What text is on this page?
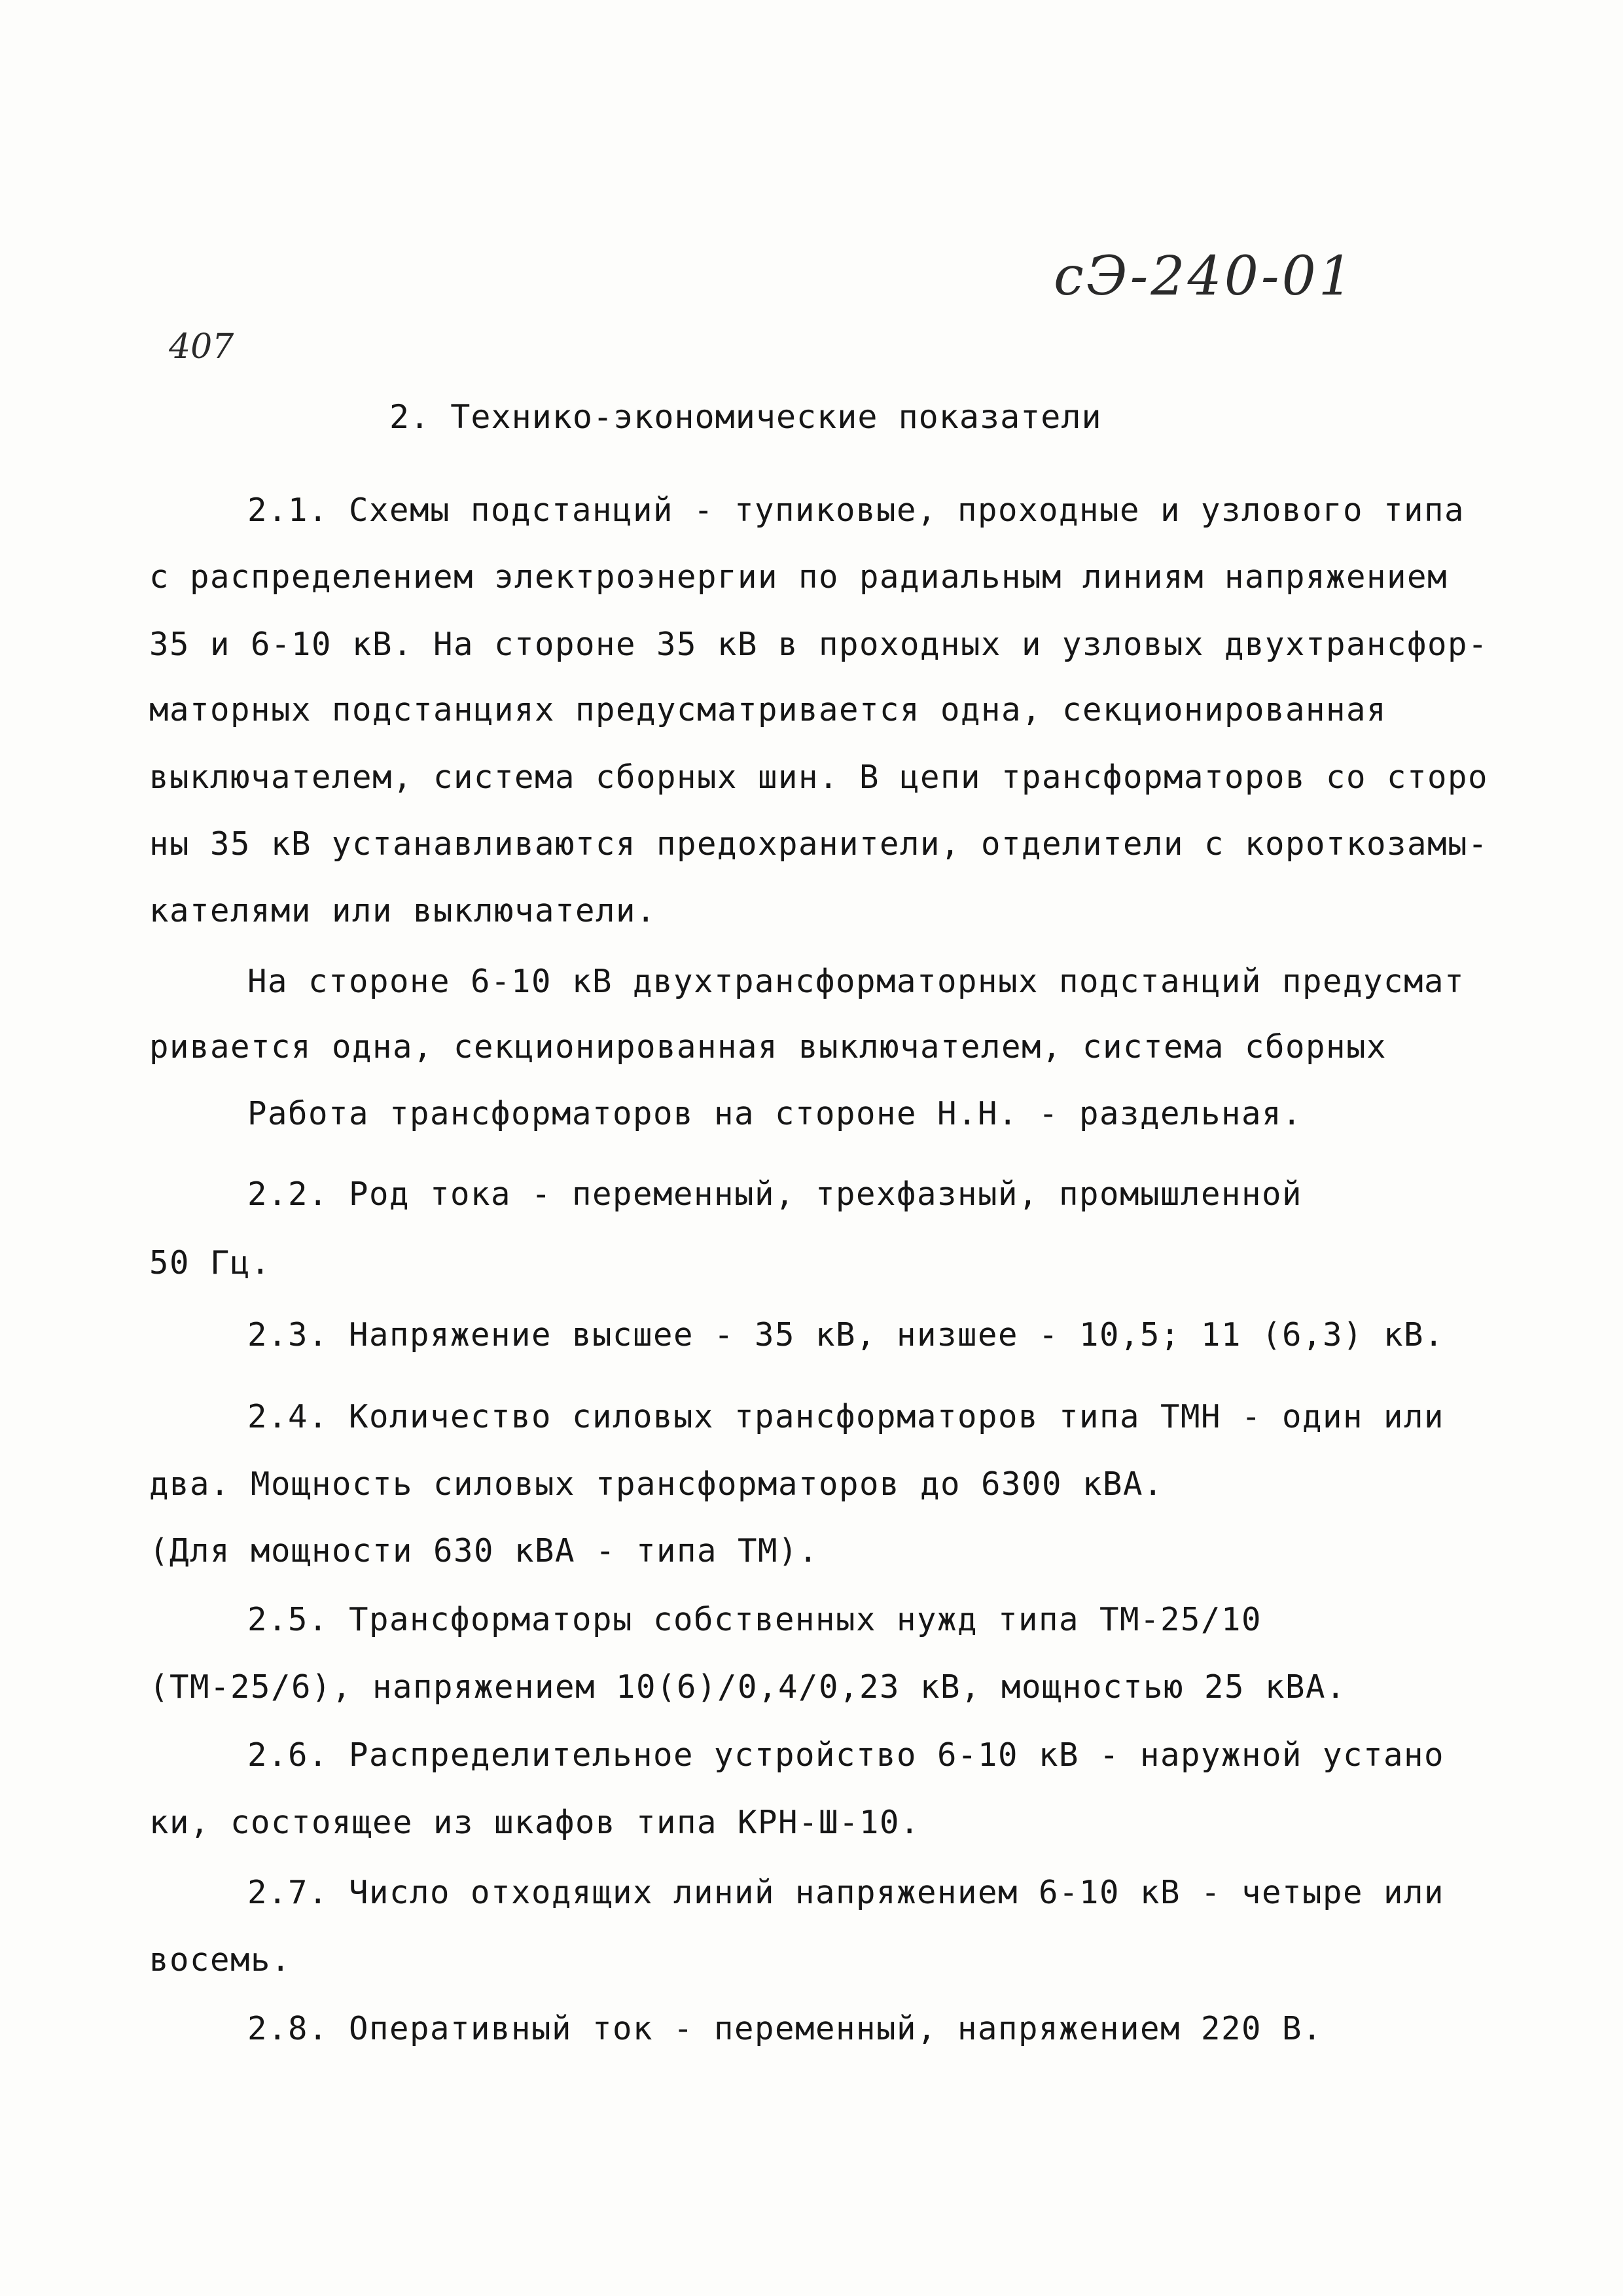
сЭ-240-01
407
2. Технико-экономические показатели
2.1. Схемы подстанций - тупиковые, проходные и узлового типа
с распределением электроэнергии по радиальным линиям напряжением
35 и 6-10 кВ. На стороне 35 кВ в проходных и узловых двухтрансфор-
маторных подстанциях предусматривается одна, секционированная
выключателем, система сборных шин. В цепи трансформаторов со сторо
ны 35 кВ устанавливаются предохранители, отделители с короткозамы-
кателями или выключатели.
На стороне 6-10 кВ двухтрансформаторных подстанций предусмат
ривается одна, секционированная выключателем, система сборных
Работа трансформаторов на стороне Н.Н. - раздельная.
2.2. Род тока - переменный, трехфазный, промышленной
50 Гц.
2.3. Напряжение высшее - 35 кВ, низшее - 10,5; 11 (6,3) кВ.
2.4. Количество силовых трансформаторов типа ТМН - один или
два. Мощность силовых трансформаторов до 6300 кВА.
(Для мощности 630 кВА - типа ТМ).
2.5. Трансформаторы собственных нужд типа ТМ-25/10
(ТМ-25/6), напряжением 10(6)/0,4/0,23 кВ, мощностью 25 кВА.
2.6. Распределительное устройство 6-10 кВ - наружной устано
ки, состоящее из шкафов типа КРН-Ш-10.
2.7. Число отходящих линий напряжением 6-10 кВ - четыре или
восемь.
2.8. Оперативный ток - переменный, напряжением 220 В.
